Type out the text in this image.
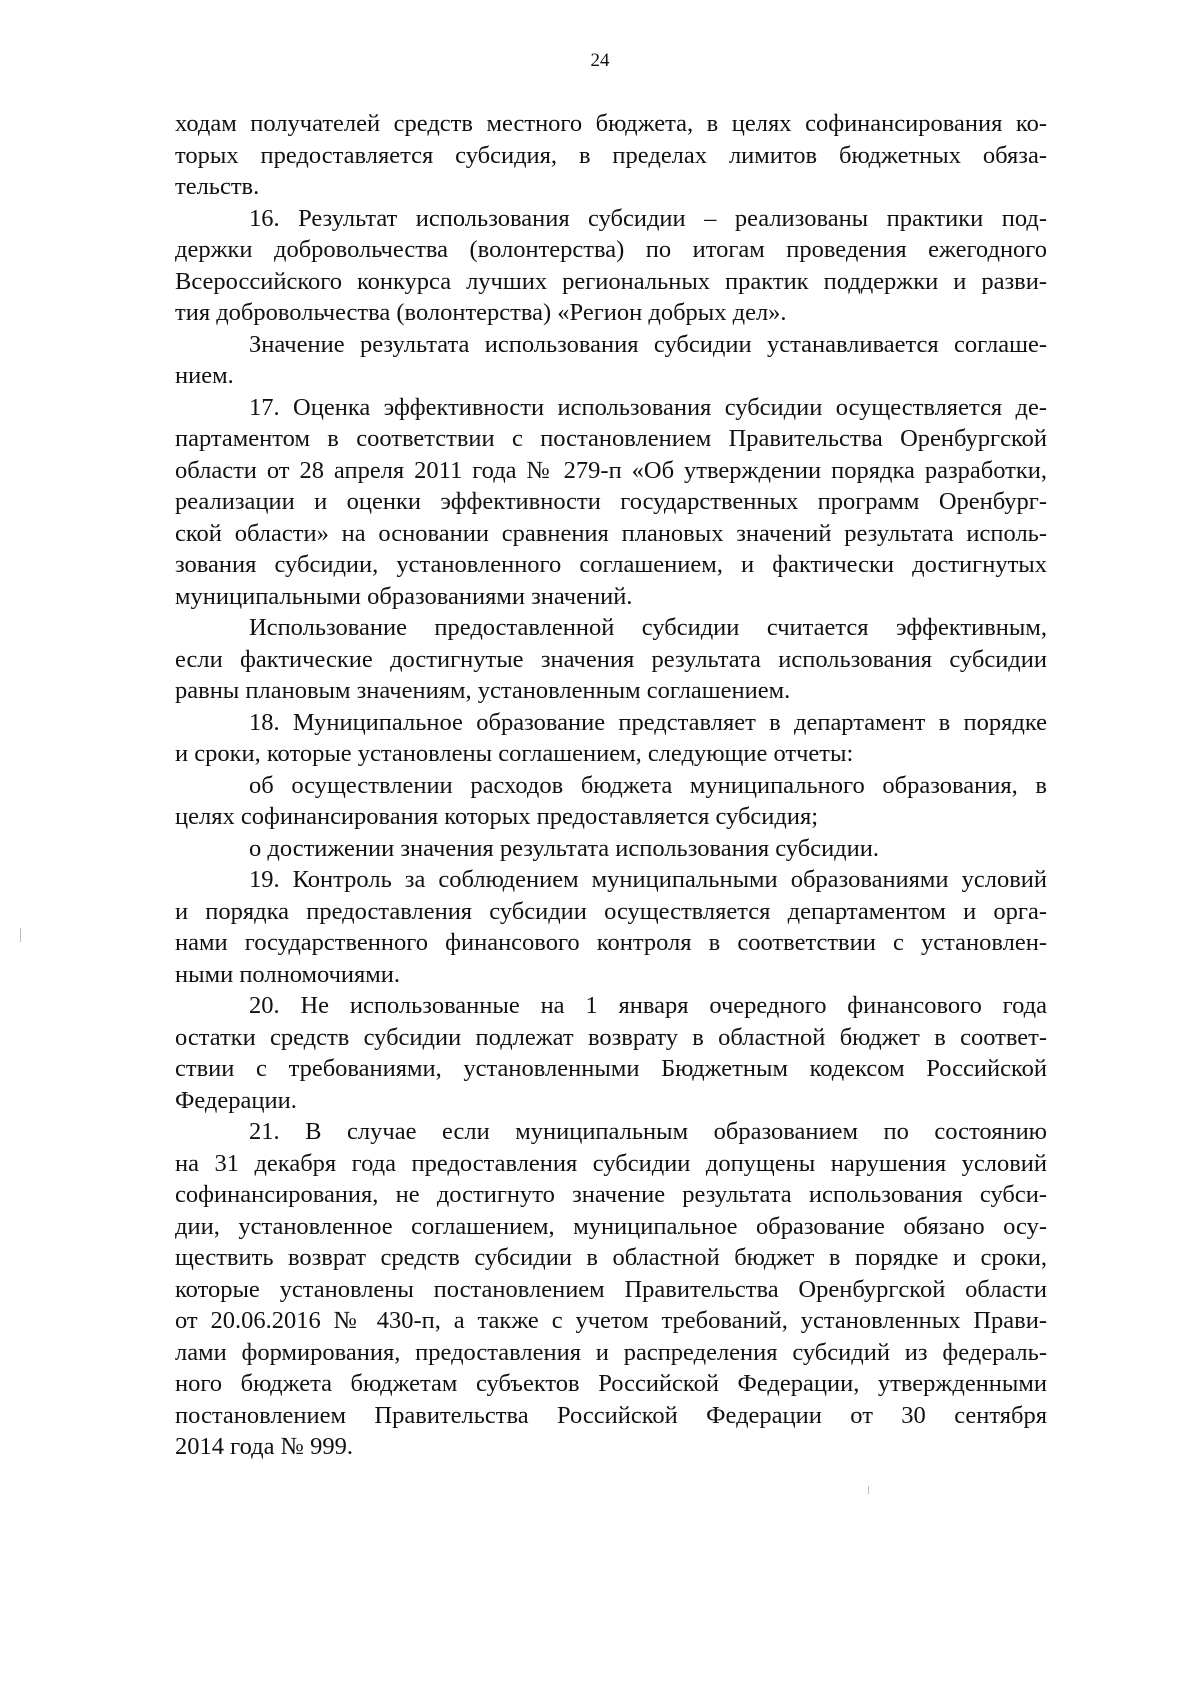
24
ходам получателей средств местного бюджета, в целях софинансирования ко-
торых предоставляется субсидия, в пределах лимитов бюджетных обяза-
тельств.
16. Результат использования субсидии – реализованы практики под-
держки добровольчества (волонтерства) по итогам проведения ежегодного
Всероссийского конкурса лучших региональных практик поддержки и разви-
тия добровольчества (волонтерства) «Регион добрых дел».
Значение результата использования субсидии устанавливается соглаше-
нием.
17. Оценка эффективности использования субсидии осуществляется де-
партаментом в соответствии с постановлением Правительства Оренбургской
области от 28 апреля 2011 года № 279-п «Об утверждении порядка разработки,
реализации и оценки эффективности государственных программ Оренбург-
ской области» на основании сравнения плановых значений результата исполь-
зования субсидии, установленного соглашением, и фактически достигнутых
муниципальными образованиями значений.
Использование предоставленной субсидии считается эффективным,
если фактические достигнутые значения результата использования субсидии
равны плановым значениям, установленным соглашением.
18. Муниципальное образование представляет в департамент в порядке
и сроки, которые установлены соглашением, следующие отчеты:
об осуществлении расходов бюджета муниципального образования, в
целях софинансирования которых предоставляется субсидия;
о достижении значения результата использования субсидии.
19. Контроль за соблюдением муниципальными образованиями условий
и порядка предоставления субсидии осуществляется департаментом и орга-
нами государственного финансового контроля в соответствии с установлен-
ными полномочиями.
20. Не использованные на 1 января очередного финансового года
остатки средств субсидии подлежат возврату в областной бюджет в соответ-
ствии с требованиями, установленными Бюджетным кодексом Российской
Федерации.
21. В случае если муниципальным образованием по состоянию
на 31 декабря года предоставления субсидии допущены нарушения условий
софинансирования, не достигнуто значение результата использования субси-
дии, установленное соглашением, муниципальное образование обязано осу-
ществить возврат средств субсидии в областной бюджет в порядке и сроки,
которые установлены постановлением Правительства Оренбургской области
от 20.06.2016 № 430-п, а также с учетом требований, установленных Прави-
лами формирования, предоставления и распределения субсидий из федераль-
ного бюджета бюджетам субъектов Российской Федерации, утвержденными
постановлением Правительства Российской Федерации от 30 сентября
2014 года № 999.
